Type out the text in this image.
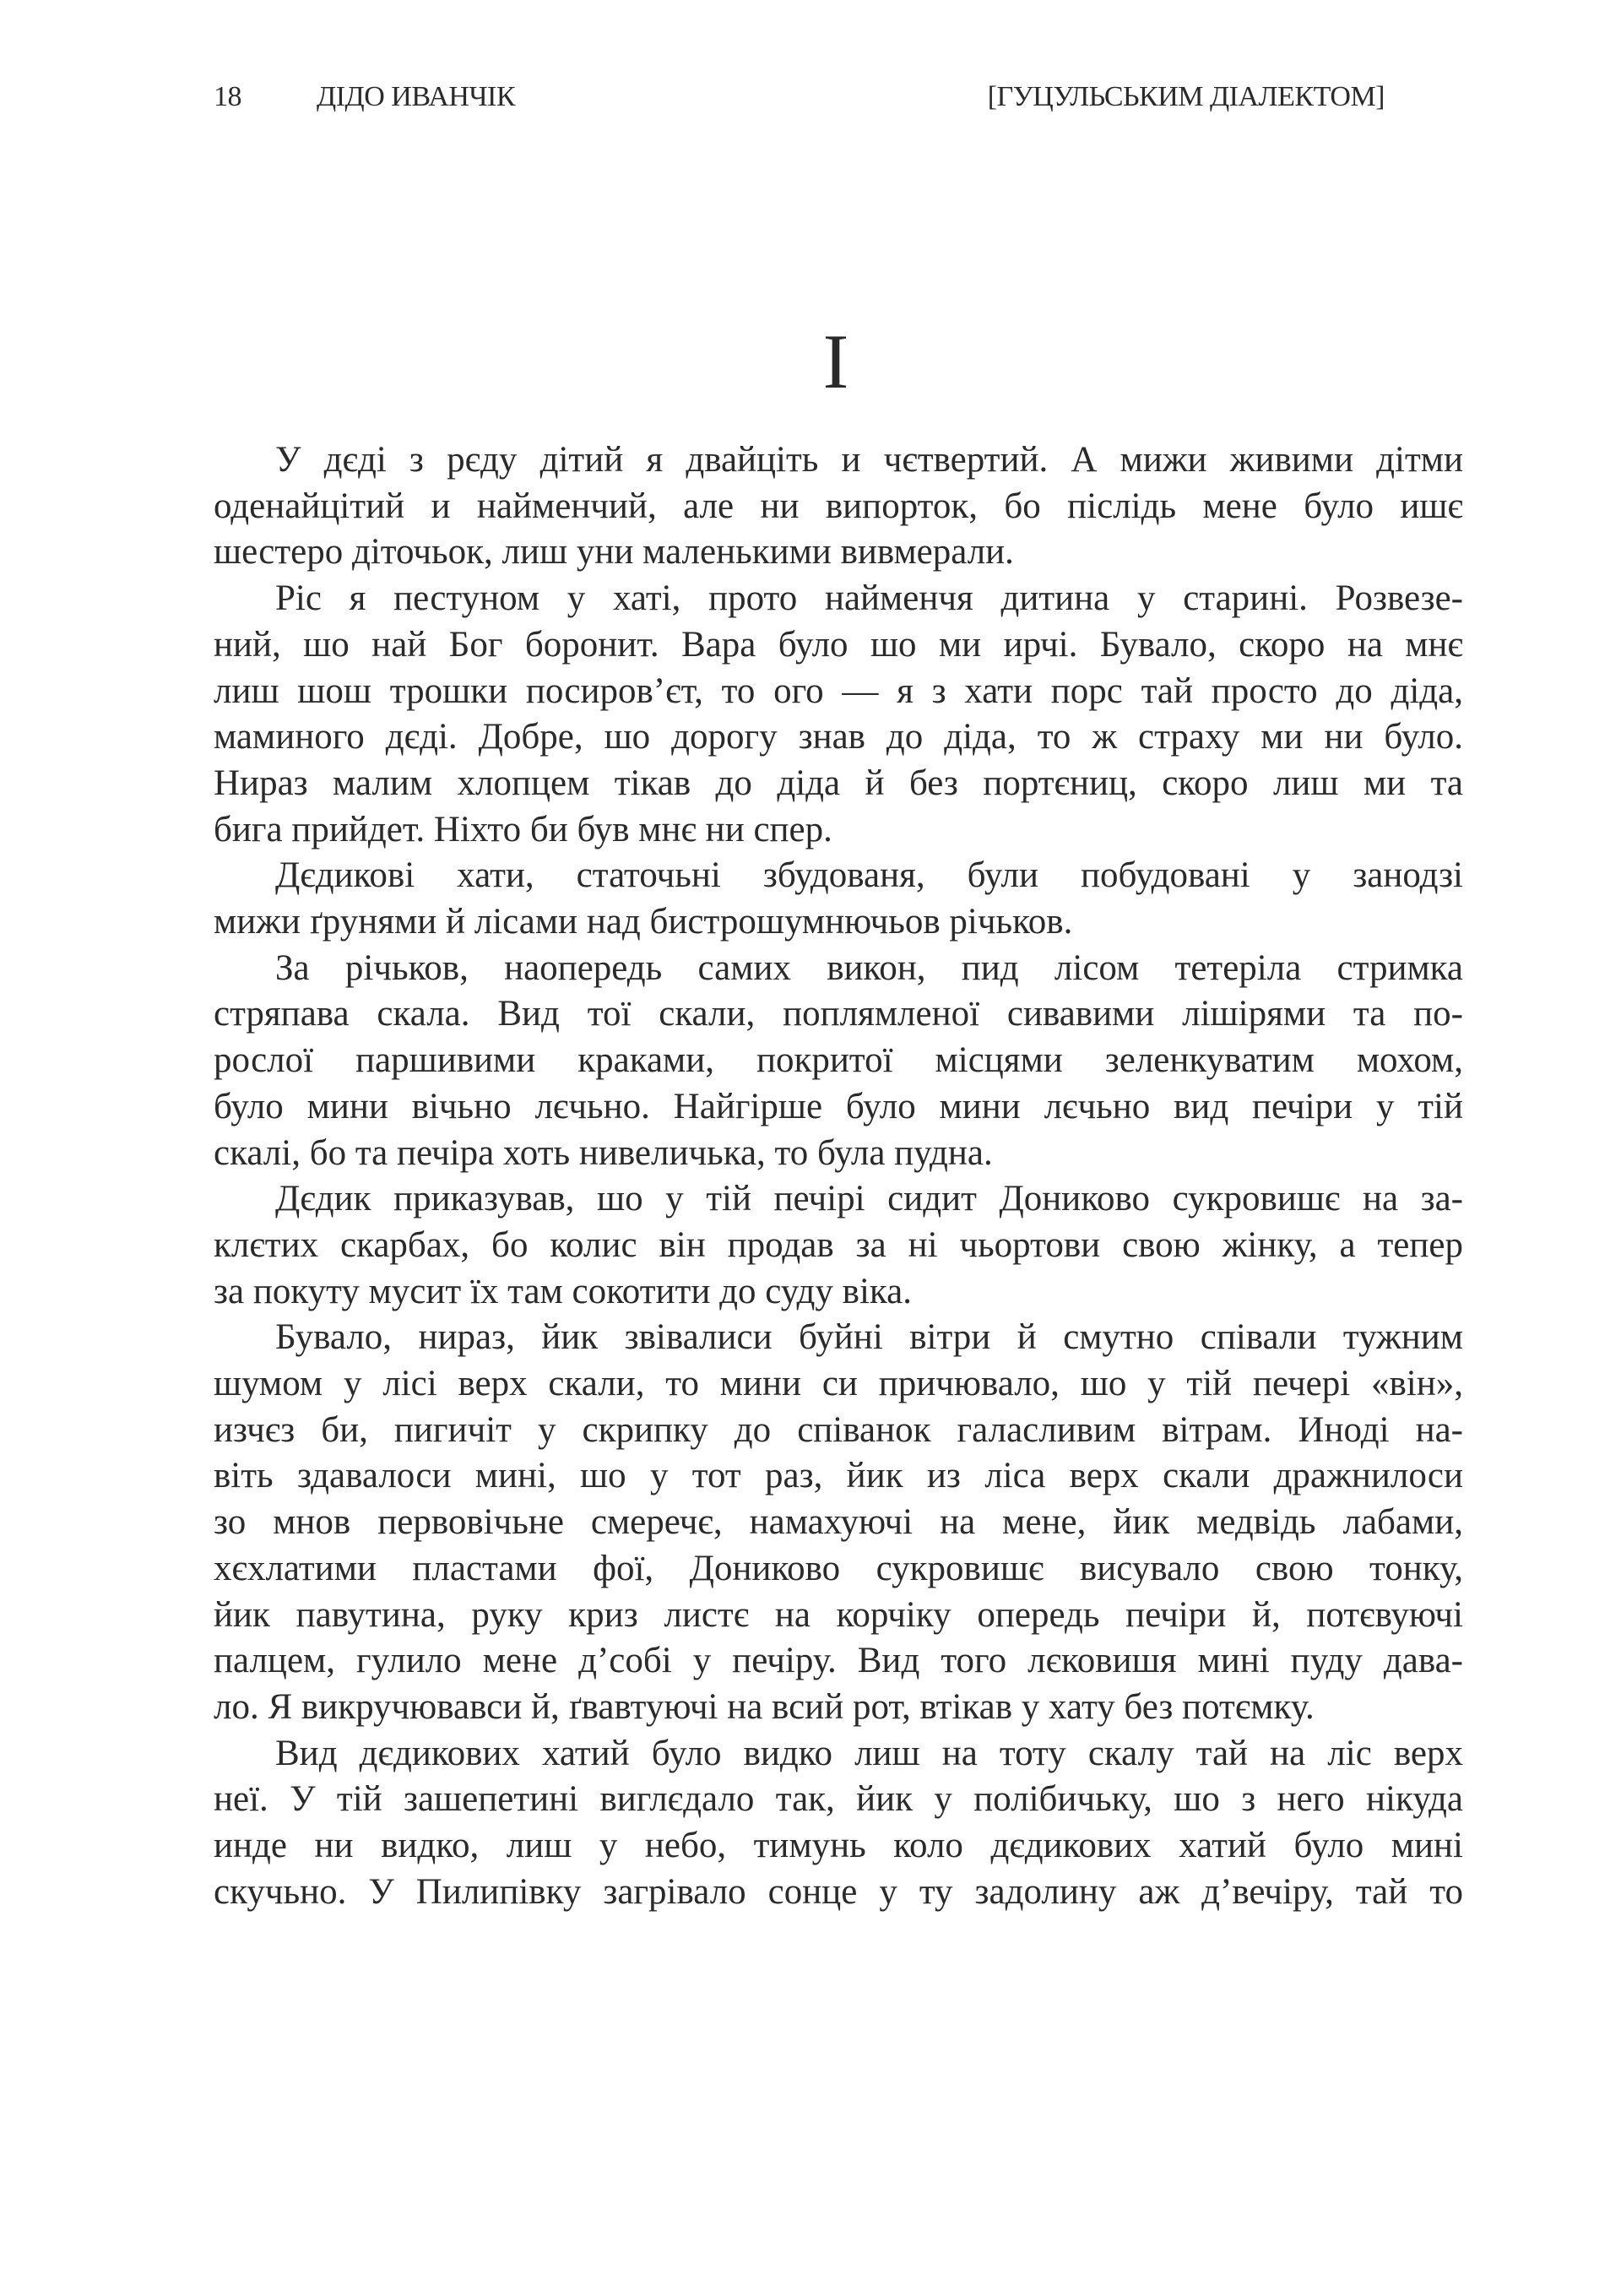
18	ДІДО ИВАНЧІК	[ГУЦУЛЬСЬКИМ ДІАЛЕКТОМ]
I
У дєді з рєду дітий я двайціть и чєтвертий. А мижи живими дітми
оденайцітий и найменчий, але ни випорток, бо післідь мене було ишє
шестеро діточьок, лиш уни маленькими вивмерали.
Ріс я пестуном у хаті, прото найменчя дитина у старині. Розвезе-
ний, шо най Бог боронит. Вара було шо ми ирчі. Бувало, скоро на мнє
лиш шош трошки посиров’єт, то ого — я з хати порс тай просто до діда,
маминого дєді. Добре, шо дорогу знав до діда, то ж страху ми ни було.
Нираз малим хлопцем тікав до діда й без портєниц, скоро лиш ми та
бига прийдет. Ніхто би був мнє ни спер.
Дєдикові хати, статочьні збудованя, були побудовані у занодзі
мижи ґрунями й лісами над бистрошумнючьов річьков.
За річьков, наопередь самих викон, пид лісом тетеріла стримка
стряпава скала. Вид тої скали, поплямленої сивавими лішірями та по-
рослої паршивими краками, покритої місцями зеленкуватим мохом,
було мини вічьно лєчьно. Найгірше було мини лєчьно вид печіри у тій
скалі, бо та печіра хоть нивеличька, то була пудна.
Дєдик приказував, шо у тій печірі сидит Дониково сукровишє на за-
клєтих скарбах, бо колис він продав за ні чьортови свою жінку, а тепер
за покуту мусит їх там сокотити до суду віка.
Бувало, нираз, йик звівалиси буйні вітри й смутно співали тужним
шумом у лісі верх скали, то мини си причювало, шо у тій печері «він»,
изчєз би, пигичіт у скрипку до співанок галасливим вітрам. Иноді на-
віть здавалоси мині, шо у тот раз, йик из ліса верх скали дражнилоси
зо мнов первовічьне смеречє, намахуючі на мене, йик медвідь лабами,
хєхлатими пластами фої, Дониково сукровишє висувало свою тонку,
йик павутина, руку криз листє на корчіку опередь печіри й, потєвуючі
палцем, гулило мене д’собі у печіру. Вид того лєковишя мині пуду дава-
ло. Я викручювавси й, ґвавтуючі на всий рот, втікав у хату без потємку.
Вид дєдикових хатий було видко лиш на тоту скалу тай на ліс верх
неї. У тій зашепетині виглєдало так, йик у полібичьку, шо з него нікуда
инде ни видко, лиш у небо, тимунь коло дєдикових хатий було мині
скучьно. У Пилипівку загрівало сонце у ту задолину аж д’вечіру, тай то
